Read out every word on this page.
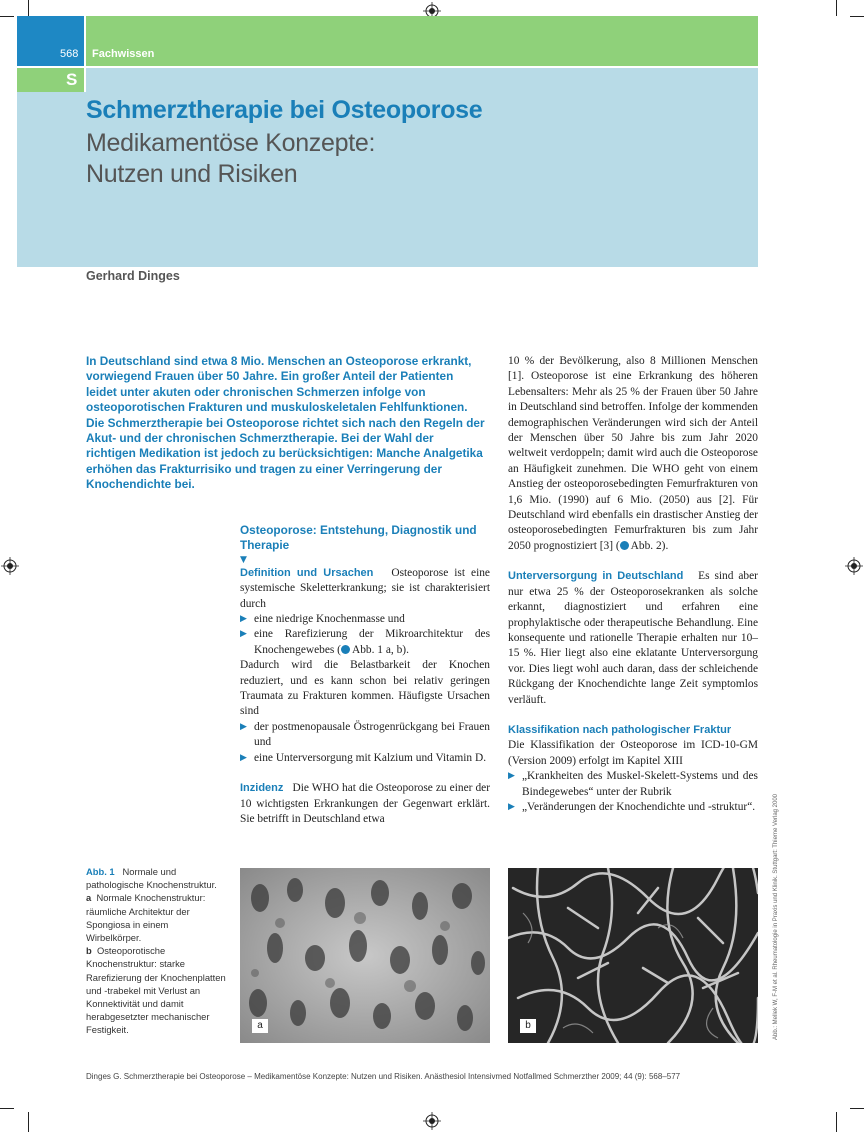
568 Fachwissen
S
Schmerztherapie bei Osteoporose
Medikamentöse Konzepte:
Nutzen und Risiken
Gerhard Dinges

In Deutschland sind etwa 8 Mio. Menschen an Osteoporose erkrankt, vorwiegend Frauen über 50 Jahre. Ein großer Anteil der Patienten leidet unter akuten oder chronischen Schmerzen infolge von osteoporotischen Frakturen und muskuloskeletalen Fehlfunktionen. Die Schmerztherapie bei Osteoporose richtet sich nach den Regeln der Akut- und der chronischen Schmerztherapie. Bei der Wahl der richtigen Medikation ist jedoch zu berücksichtigen: Manche Analgetika erhöhen das Frakturrisiko und tragen zu einer Verringerung der Knochendichte bei.

Osteoporose: Entstehung, Diagnostik und Therapie
▼

Definition und Ursachen Osteoporose ist eine systemische Skeletterkrankung; sie ist charakterisiert durch

▶ eine niedrige Knochenmasse und
▶ eine Rarefizierung der Mikroarchitektur des Knochengewebes ( Abb. 1 a, b).

Dadurch wird die Belastbarkeit der Knochen reduziert, und es kann schon bei relativ geringen Traumata zu Frakturen kommen. Häufigste Ursachen sind

▶ der postmenopausale Östrogenrückgang bei Frauen und
▶ eine Unterversorgung mit Kalzium und Vitamin D.

Inzidenz Die WHO hat die Osteoporose zu einer der 10 wichtigsten Erkrankungen der Gegenwart erklärt. Sie betrifft in Deutschland etwa

10 % der Bevölkerung, also 8 Millionen Menschen [1]. Osteoporose ist eine Erkrankung des höheren Lebensalters: Mehr als 25 % der Frauen über 50 Jahre in Deutschland sind betroffen. Infolge der kommenden demographischen Veränderungen wird sich der Anteil der Menschen über 50 Jahre bis zum Jahr 2020 weltweit verdoppeln; damit wird auch die Osteoporose an Häufigkeit zunehmen. Die WHO geht von einem Anstieg der osteoporosebedingten Femurfrakturen von 1,6 Mio. (1990) auf 6 Mio. (2050) aus [2]. Für Deutschland wird ebenfalls ein drastischer Anstieg der osteoporosebedingten Femurfrakturen bis zum Jahr 2050 prognostiziert [3] ( Abb. 2).

Unterversorgung in Deutschland Es sind aber nur etwa 25 % der Osteoporosekranken als solche erkannt, diagnostiziert und erfahren eine prophylaktische oder therapeutische Behandlung. Eine konsequente und rationelle Therapie erhalten nur 10–15 %. Hier liegt also eine eklatante Unterversorgung vor. Dies liegt wohl auch daran, dass der schleichende Rückgang der Knochendichte lange Zeit symptomlos verläuft.

Klassifikation nach pathologischer Fraktur

Die Klassifikation der Osteoporose im ICD-10-GM (Version 2009) erfolgt im Kapitel XIII

▶ „Krankheiten des Muskel-Skelett-Systems und des Bindegewebes“ unter der Rubrik
▶ „Veränderungen der Knochendichte und -struktur“.

Abb. 1 Normale und pathologische Knochenstruktur.

a Normale Knochenstruktur: räumliche Architektur der Spongiosa in einem Wirbelkörper.

b Osteoporotische Knochenstruktur: starke Rarefizierung der Knochenplatten und -trabekel mit Verlust an Konnektivität und damit herabgesetzter mechanischer Festigkeit.	a	b	Abb.: Mellek W, F-M et al. Rheumatologie in Praxis und Klinik. Stuttgart: Thieme Verlag 2000
Dinges G. Schmerztherapie bei Osteoporose – Medikamentöse Konzepte: Nutzen und Risiken. Anästhesiol Intensivmed Notfallmed Schmerzther 2009; 44 (9): 568–577
